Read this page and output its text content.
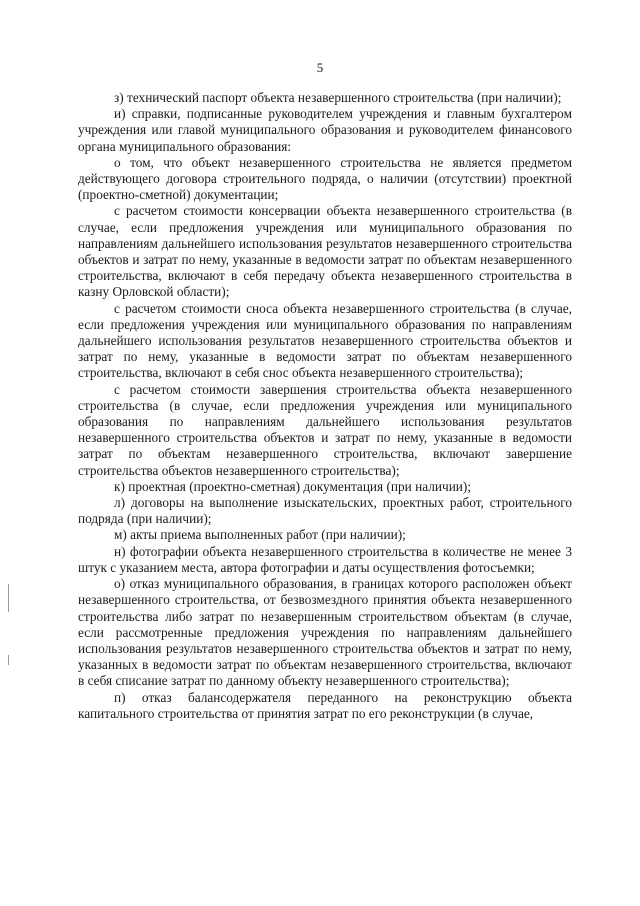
5

з) технический паспорт объекта незавершенного строительства (при наличии);

и) справки, подписанные руководителем учреждения и главным бухгалтером учреждения или главой муниципального образования и руководителем финансового органа муниципального образования:

о том, что объект незавершенного строительства не является предметом действующего договора строительного подряда, о наличии (отсутствии) проектной (проектно-сметной) документации;

с расчетом стоимости консервации объекта незавершенного строительства (в случае, если предложения учреждения или муниципального образования по направлениям дальнейшего использования результатов незавершенного строительства объектов и затрат по нему, указанные в ведомости затрат по объектам незавершенного строительства, включают в себя передачу объекта незавершенного строительства в казну Орловской области);

с расчетом стоимости сноса объекта незавершенного строительства (в случае, если предложения учреждения или муниципального образования по направлениям дальнейшего использования результатов незавершенного строительства объектов и затрат по нему, указанные в ведомости затрат по объектам незавершенного строительства, включают в себя снос объекта незавершенного строительства);

с расчетом стоимости завершения строительства объекта незавершенного строительства (в случае, если предложения учреждения или муниципального образования по направлениям дальнейшего использования результатов незавершенного строительства объектов и затрат по нему, указанные в ведомости затрат по объектам незавершенного строительства, включают завершение строительства объектов незавершенного строительства);

к) проектная (проектно-сметная) документация (при наличии);

л) договоры на выполнение изыскательских, проектных работ, строительного подряда (при наличии);

м) акты приема выполненных работ (при наличии);

н) фотографии объекта незавершенного строительства в количестве не менее 3 штук с указанием места, автора фотографии и даты осуществления фотосъемки;

о) отказ муниципального образования, в границах которого расположен объект незавершенного строительства, от безвозмездного принятия объекта незавершенного строительства либо затрат по незавершенным строительством объектам (в случае, если рассмотренные предложения учреждения по направлениям дальнейшего использования результатов незавершенного строительства объектов и затрат по нему, указанных в ведомости затрат по объектам незавершенного строительства, включают в себя списание затрат по данному объекту незавершенного строительства);

п) отказ балансодержателя переданного на реконструкцию объекта капитального строительства от принятия затрат по его реконструкции (в случае,
